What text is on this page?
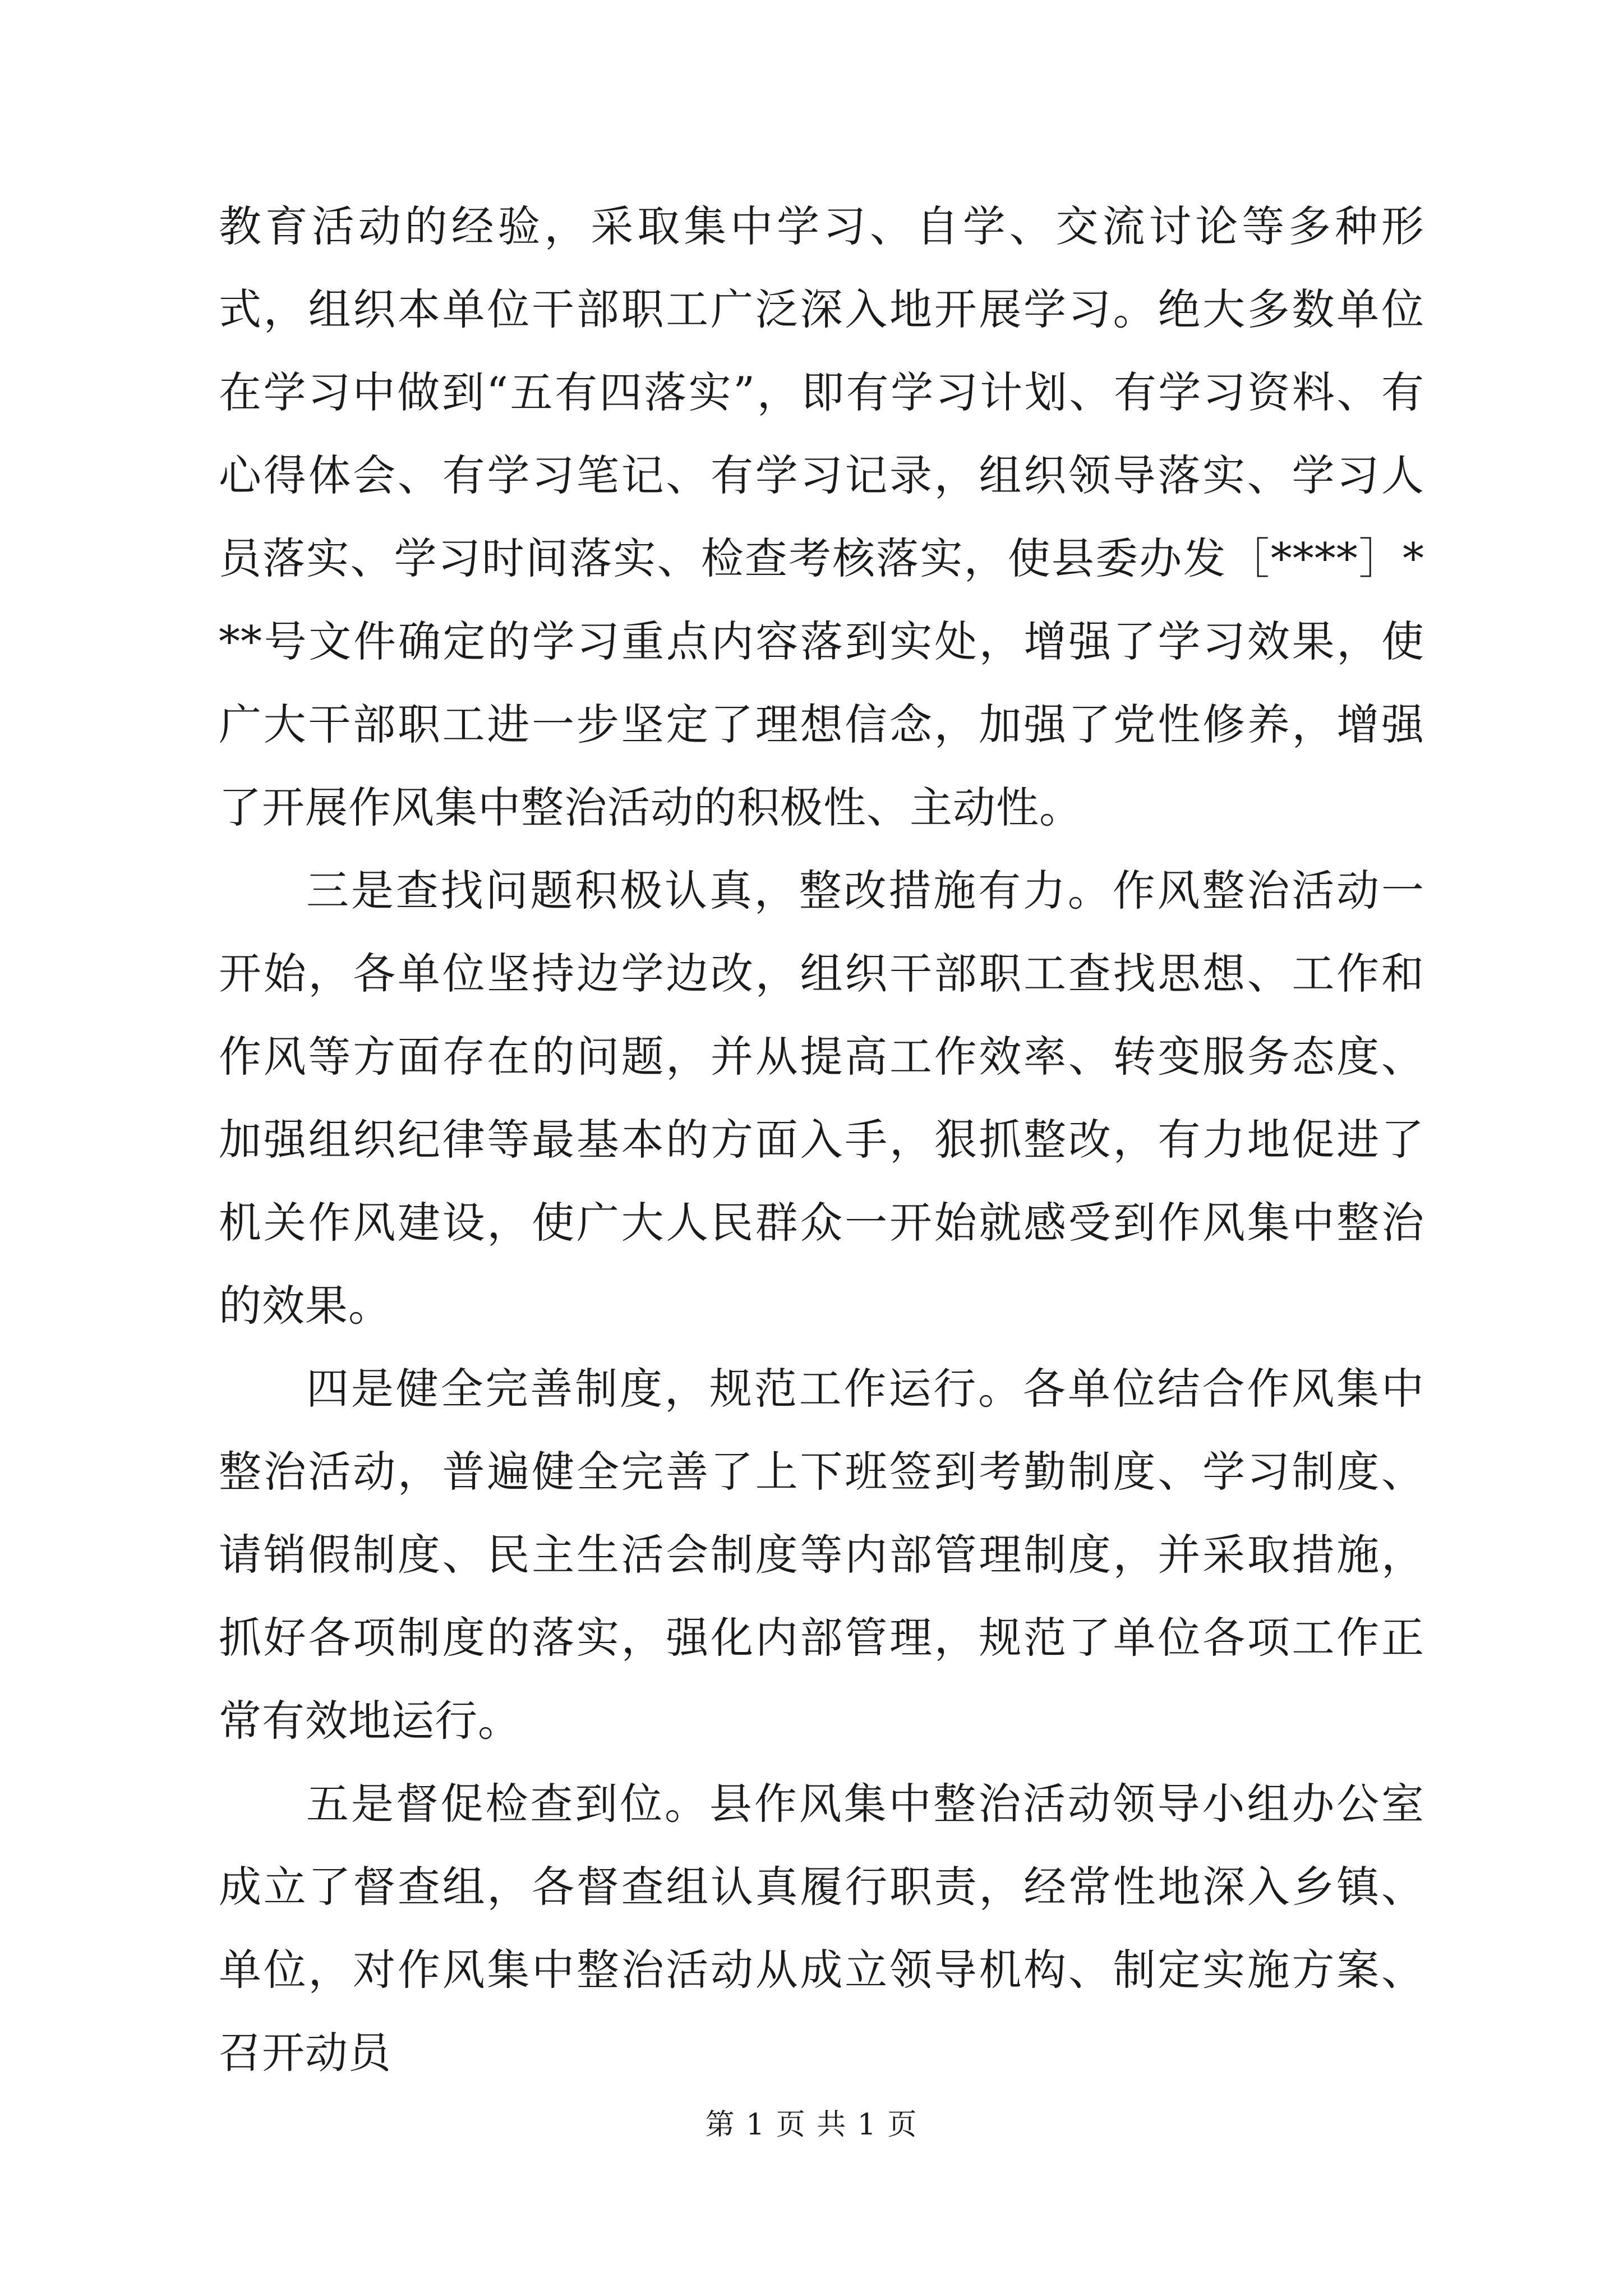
教育活动的经验，采取集中学习、自学、交流讨论等多种形式，组织本单位干部职工广泛深入地开展学习。绝大多数单位在学习中做到“五有四落实”，即有学习计划、有学习资料、有心得体会、有学习笔记、有学习记录，组织领导落实、学习人员落实、学习时间落实、检查考核落实，使县委办发［****］***号文件确定的学习重点内容落到实处，增强了学习效果，使广大干部职工进一步坚定了理想信念，加强了党性修养，增强了开展作风集中整治活动的积极性、主动性。

三是查找问题积极认真，整改措施有力。作风整治活动一开始，各单位坚持边学边改，组织干部职工查找思想、工作和作风等方面存在的问题，并从提高工作效率、转变服务态度、加强组织纪律等最基本的方面入手，狠抓整改，有力地促进了机关作风建设，使广大人民群众一开始就感受到作风集中整治的效果。

四是健全完善制度，规范工作运行。各单位结合作风集中整治活动，普遍健全完善了上下班签到考勤制度、学习制度、请销假制度、民主生活会制度等内部管理制度，并采取措施，抓好各项制度的落实，强化内部管理，规范了单位各项工作正常有效地运行。

五是督促检查到位。县作风集中整治活动领导小组办公室成立了督查组，各督查组认真履行职责，经常性地深入乡镇、单位，对作风集中整治活动从成立领导机构、制定实施方案、召开动员

第 1 页 共 1 页
